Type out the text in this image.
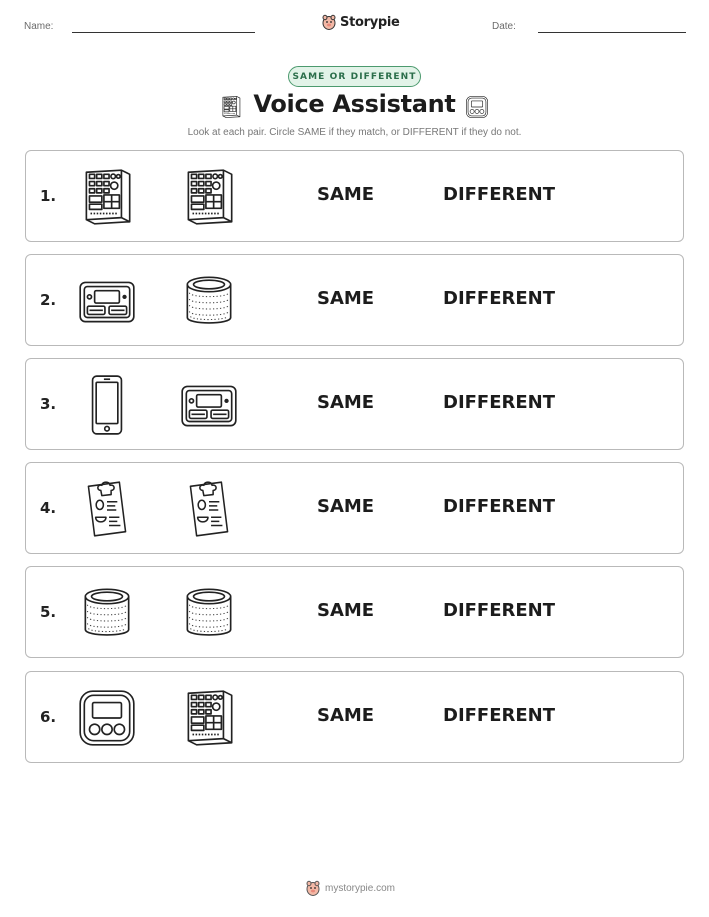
Name:	Storypie	Date:
SAME OR DIFFERENT
Voice Assistant
Look at each pair. Circle SAME if they match, or DIFFERENT if they do not.
1.	SAME	DIFFERENT
2.	SAME	DIFFERENT
3.	SAME	DIFFERENT
4.	SAME	DIFFERENT
5.	SAME	DIFFERENT
6.	SAME	DIFFERENT
mystorypie.com
